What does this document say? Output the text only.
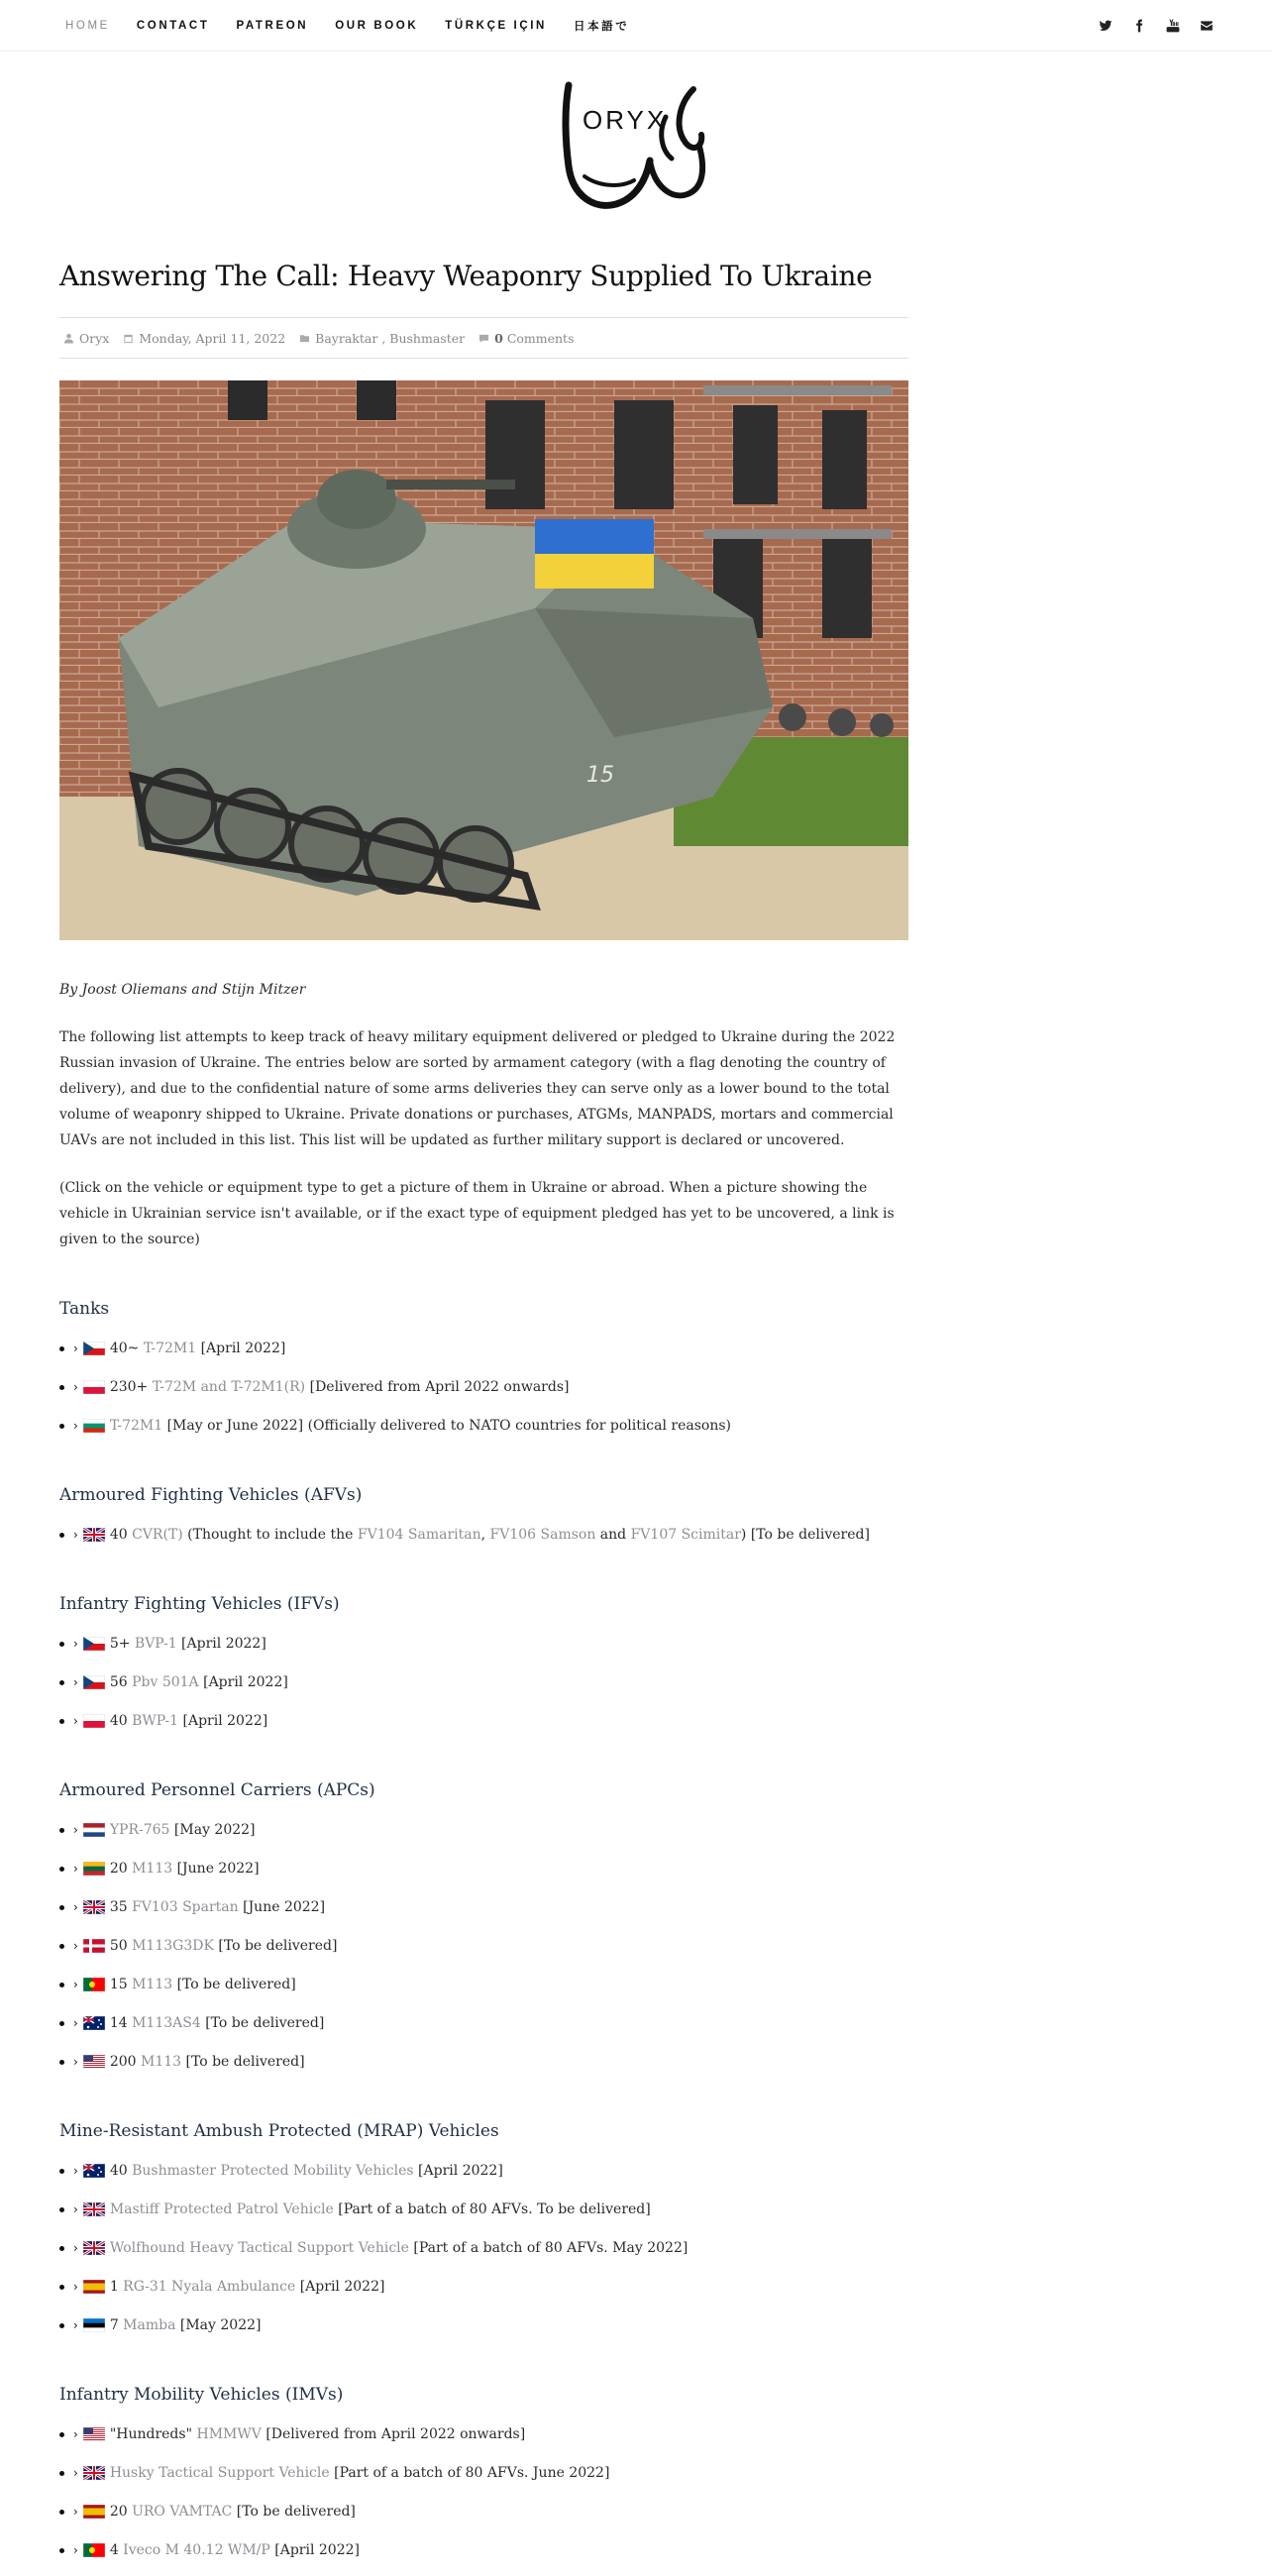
HOME CONTACT PATREON OUR BOOK TÜRKÇE IÇIN 日本語で
ORYX
Answering The Call: Heavy Weaponry Supplied To Ukraine
Oryx Monday, April 11, 2022 Bayraktar
,
Bushmaster 0 Comments
15

By Joost Oliemans and Stijn Mitzer

The following list attempts to keep track of heavy military equipment delivered or pledged to Ukraine during the 2022 Russian invasion of Ukraine. The entries below are sorted by armament category (with a flag denoting the country of delivery), and due to the confidential nature of some arms deliveries they can serve only as a lower bound to the total volume of weaponry shipped to Ukraine. Private donations or purchases, ATGMs, MANPADS, mortars and commercial UAVs are not included in this list. This list will be updated as further military support is declared or uncovered.

(Click on the vehicle or equipment type to get a picture of them in Ukraine or abroad. When a picture showing the vehicle in Ukrainian service isn't available, or if the exact type of equipment pledged has yet to be uncovered, a link is given to the source)

Tanks
› 40~ T-72M1 [April 2022]
› 230+ T-72M and T-72M1(R) [Delivered from April 2022 onwards]
› T-72M1 [May or June 2022] (Officially delivered to NATO countries for political reasons)
Armoured Fighting Vehicles (AFVs)
› 40 CVR(T) (Thought to include the FV104 Samaritan, FV106 Samson and FV107 Scimitar) [To be delivered]
Infantry Fighting Vehicles (IFVs)
› 5+ BVP-1 [April 2022]
› 56 Pbv 501A [April 2022]
› 40 BWP-1 [April 2022]
Armoured Personnel Carriers (APCs)
› YPR-765 [May 2022]
› 20 M113 [June 2022]
› 35 FV103 Spartan [June 2022]
› 50 M113G3DK [To be delivered]
› 15 M113 [To be delivered]
› 14 M113AS4 [To be delivered]
› 200 M113 [To be delivered]
Mine-Resistant Ambush Protected (MRAP) Vehicles
› 40 Bushmaster Protected Mobility Vehicles [April 2022]
› Mastiff Protected Patrol Vehicle [Part of a batch of 80 AFVs. To be delivered]
› Wolfhound Heavy Tactical Support Vehicle [Part of a batch of 80 AFVs. May 2022]
› 1 RG-31 Nyala Ambulance [April 2022]
› 7 Mamba [May 2022]
Infantry Mobility Vehicles (IMVs)
› "Hundreds" HMMWV [Delivered from April 2022 onwards]
› Husky Tactical Support Vehicle [Part of a batch of 80 AFVs. June 2022]
› 20 URO VAMTAC [To be delivered]
› 4 Iveco M 40.12 WM/P [April 2022]
